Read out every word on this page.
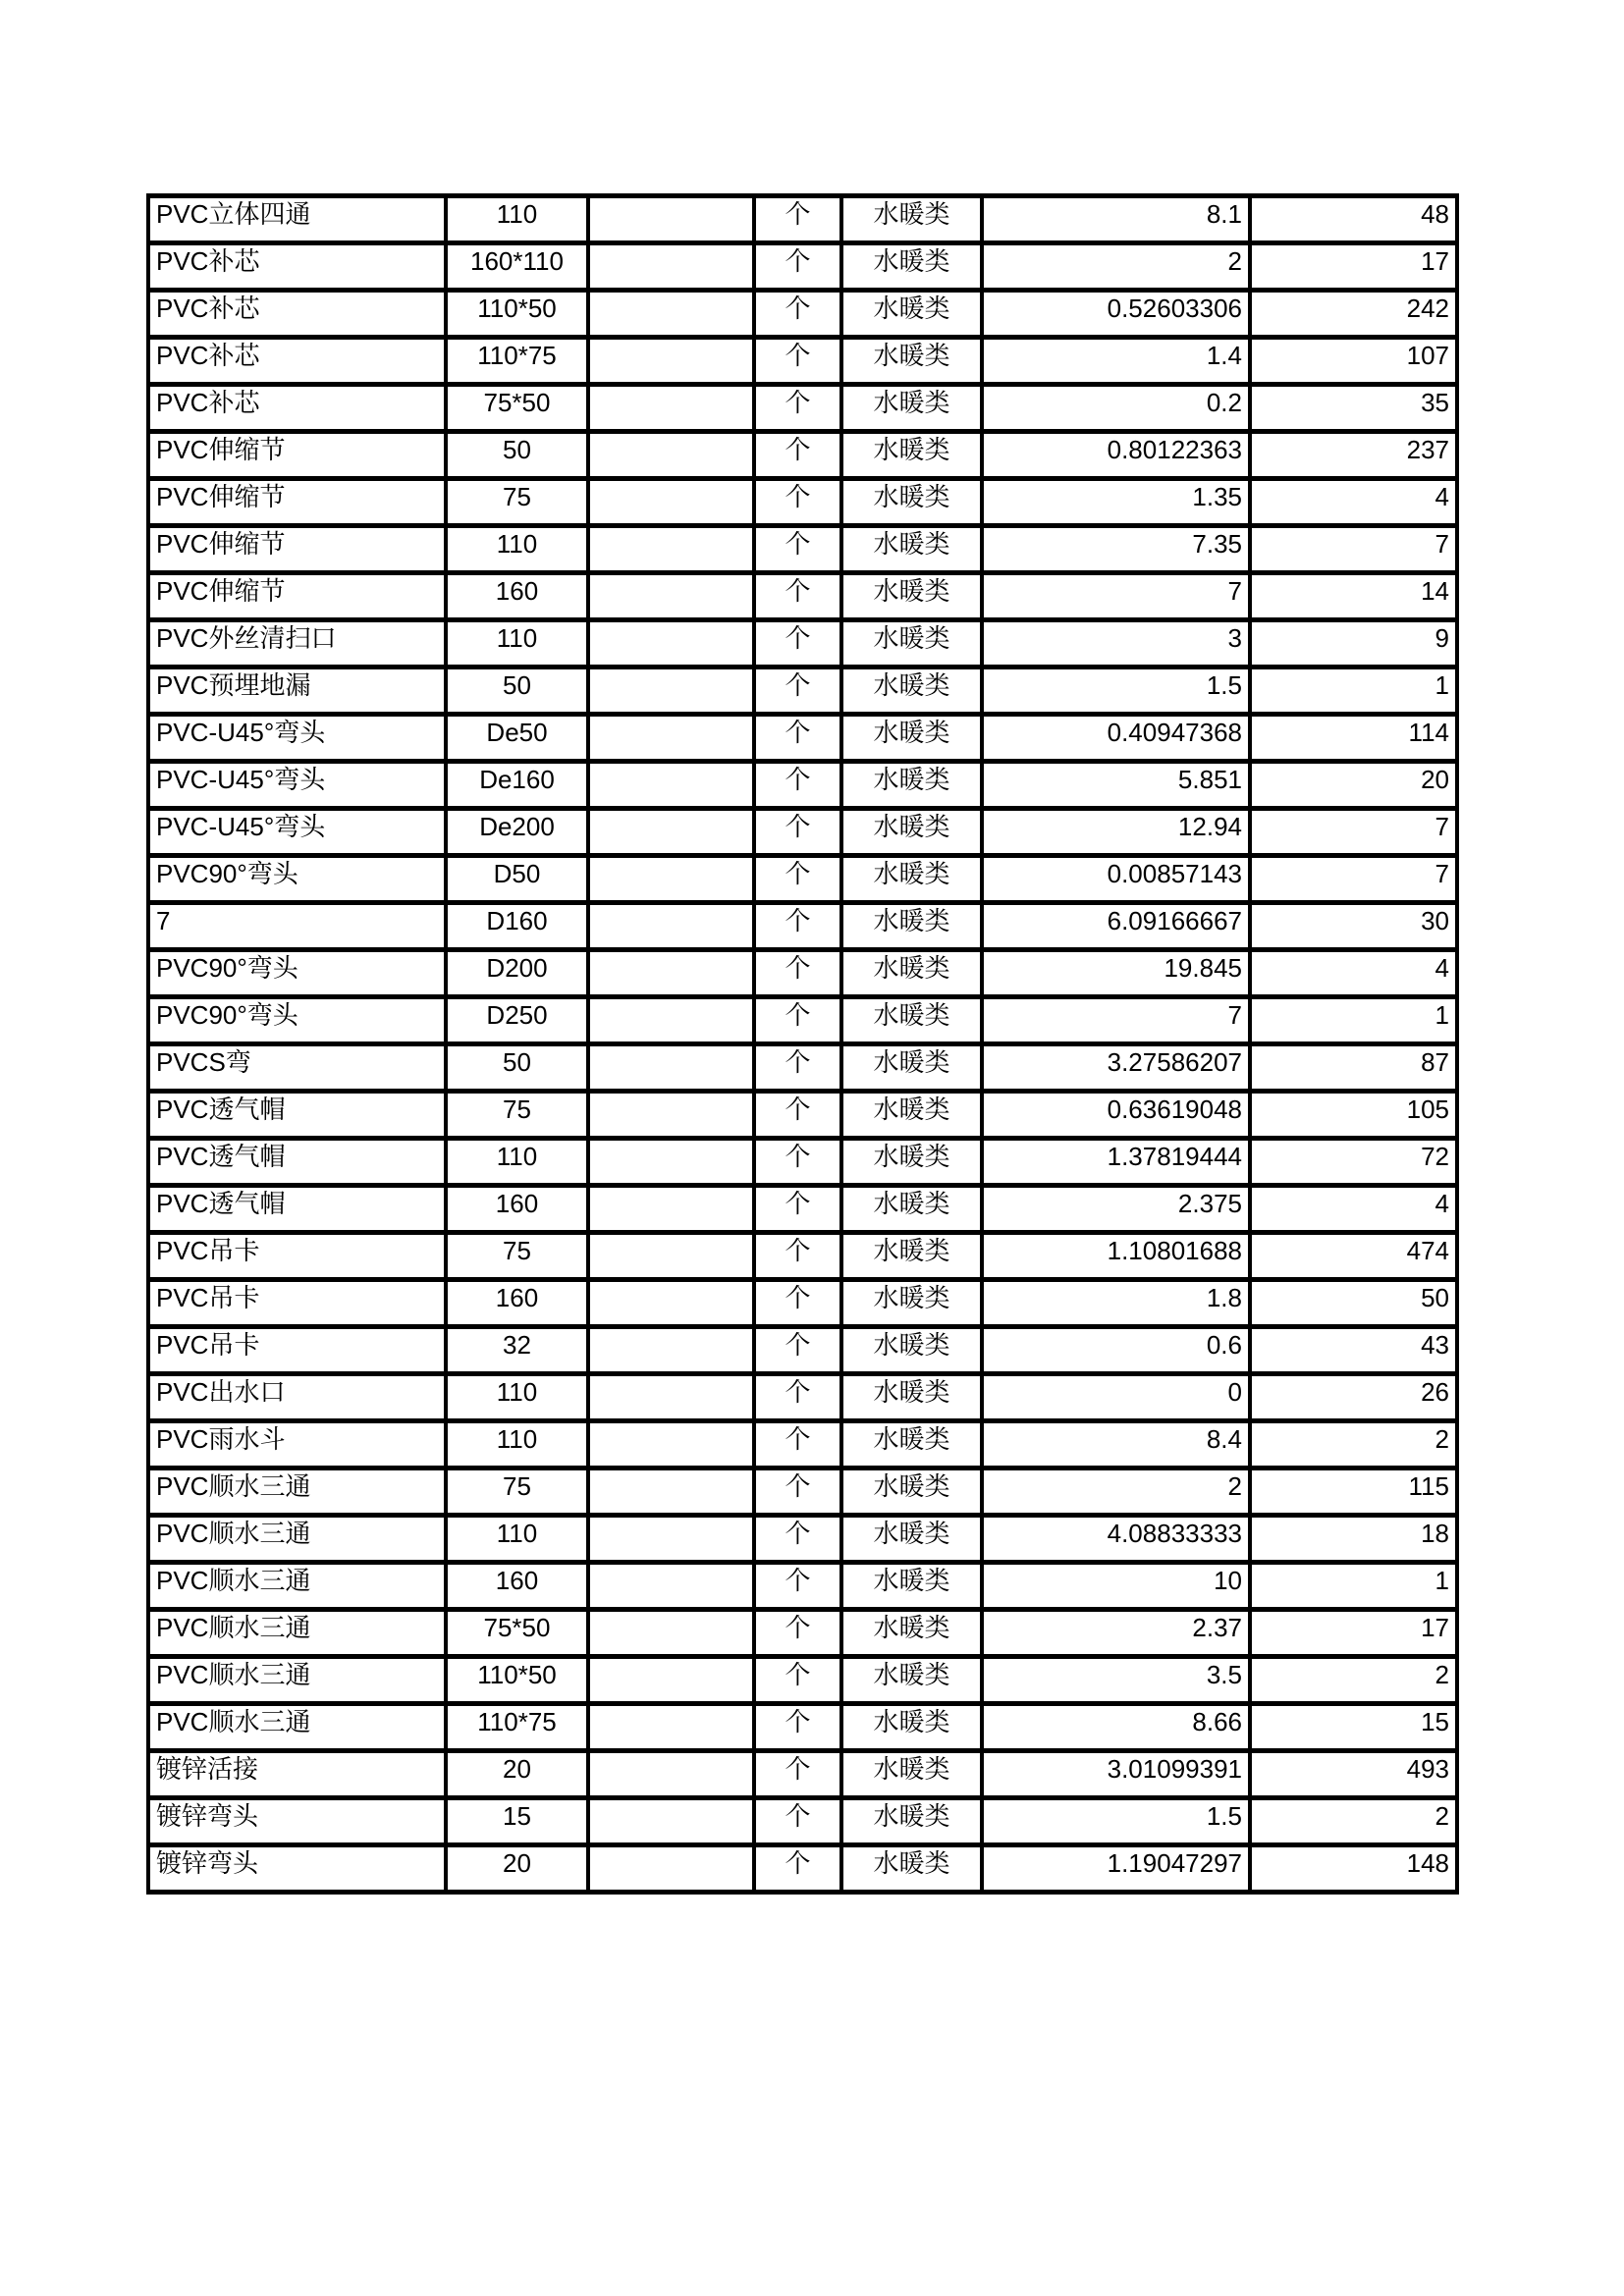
PVC立体四通	110		个	水暖类	8.1	48
PVC补芯	160*110		个	水暖类	2	17
PVC补芯	110*50		个	水暖类	0.52603306	242
PVC补芯	110*75		个	水暖类	1.4	107
PVC补芯	75*50		个	水暖类	0.2	35
PVC伸缩节	50		个	水暖类	0.80122363	237
PVC伸缩节	75		个	水暖类	1.35	4
PVC伸缩节	110		个	水暖类	7.35	7
PVC伸缩节	160		个	水暖类	7	14
PVC外丝清扫口	110		个	水暖类	3	9
PVC预埋地漏	50		个	水暖类	1.5	1
PVC-U45°弯头	De50		个	水暖类	0.40947368	114
PVC-U45°弯头	De160		个	水暖类	5.851	20
PVC-U45°弯头	De200		个	水暖类	12.94	7
PVC90°弯头	D50		个	水暖类	0.00857143	7
7	D160		个	水暖类	6.09166667	30
PVC90°弯头	D200		个	水暖类	19.845	4
PVC90°弯头	D250		个	水暖类	7	1
PVCS弯	50		个	水暖类	3.27586207	87
PVC透气帽	75		个	水暖类	0.63619048	105
PVC透气帽	110		个	水暖类	1.37819444	72
PVC透气帽	160		个	水暖类	2.375	4
PVC吊卡	75		个	水暖类	1.10801688	474
PVC吊卡	160		个	水暖类	1.8	50
PVC吊卡	32		个	水暖类	0.6	43
PVC出水口	110		个	水暖类	0	26
PVC雨水斗	110		个	水暖类	8.4	2
PVC顺水三通	75		个	水暖类	2	115
PVC顺水三通	110		个	水暖类	4.08833333	18
PVC顺水三通	160		个	水暖类	10	1
PVC顺水三通	75*50		个	水暖类	2.37	17
PVC顺水三通	110*50		个	水暖类	3.5	2
PVC顺水三通	110*75		个	水暖类	8.66	15
镀锌活接	20		个	水暖类	3.01099391	493
镀锌弯头	15		个	水暖类	1.5	2
镀锌弯头	20		个	水暖类	1.19047297	148
